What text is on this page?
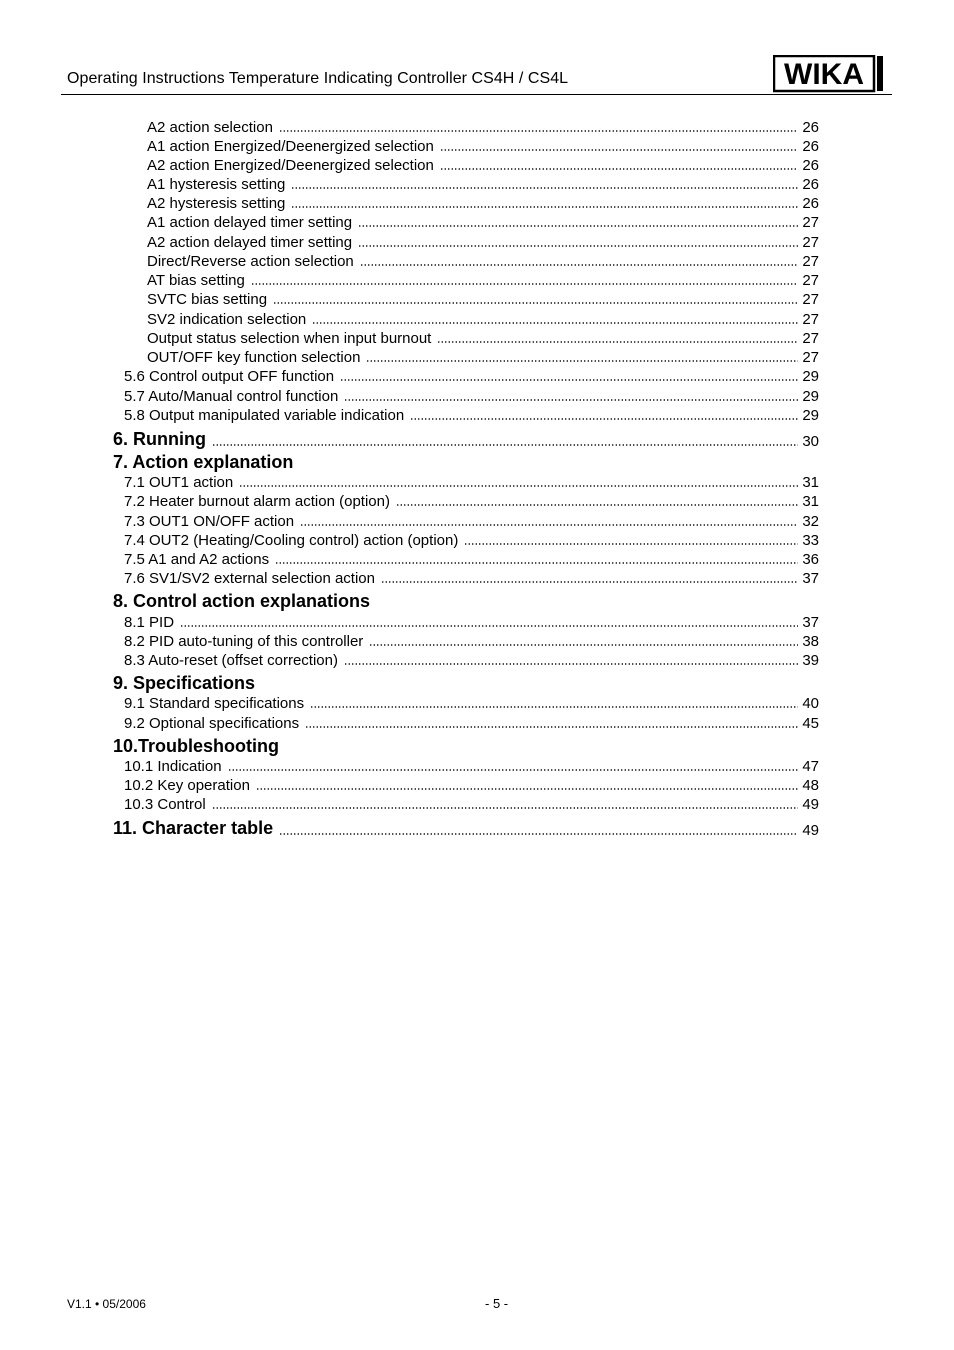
Operating Instructions Temperature Indicating Controller CS4H / CS4L	WIKA
A2 action selection	26
A1 action Energized/Deenergized selection	26
A2 action Energized/Deenergized selection	26
A1 hysteresis setting	26
A2 hysteresis setting	26
A1 action delayed timer setting	27
A2 action delayed timer setting	27
Direct/Reverse action selection	27
AT bias setting	27
SVTC bias setting	27
SV2 indication selection	27
Output status selection when input burnout	27
OUT/OFF key function selection	27
5.6 Control output OFF function	29
5.7 Auto/Manual control function	29
5.8 Output manipulated variable indication	29
6. Running	30
7. Action explanation
7.1 OUT1 action	31
7.2 Heater burnout alarm action (option)	31
7.3 OUT1 ON/OFF action	32
7.4 OUT2 (Heating/Cooling control) action (option)	33
7.5 A1 and A2 actions	36
7.6 SV1/SV2 external selection action	37
8. Control action explanations
8.1 PID	37
8.2 PID auto-tuning of this controller	38
8.3 Auto-reset (offset correction)	39
9. Specifications
9.1 Standard specifications	40
9.2 Optional specifications	45
10.Troubleshooting
10.1 Indication	47
10.2 Key operation	48
10.3 Control	49
11. Character table	49
V1.1 • 05/2006	- 5 -
